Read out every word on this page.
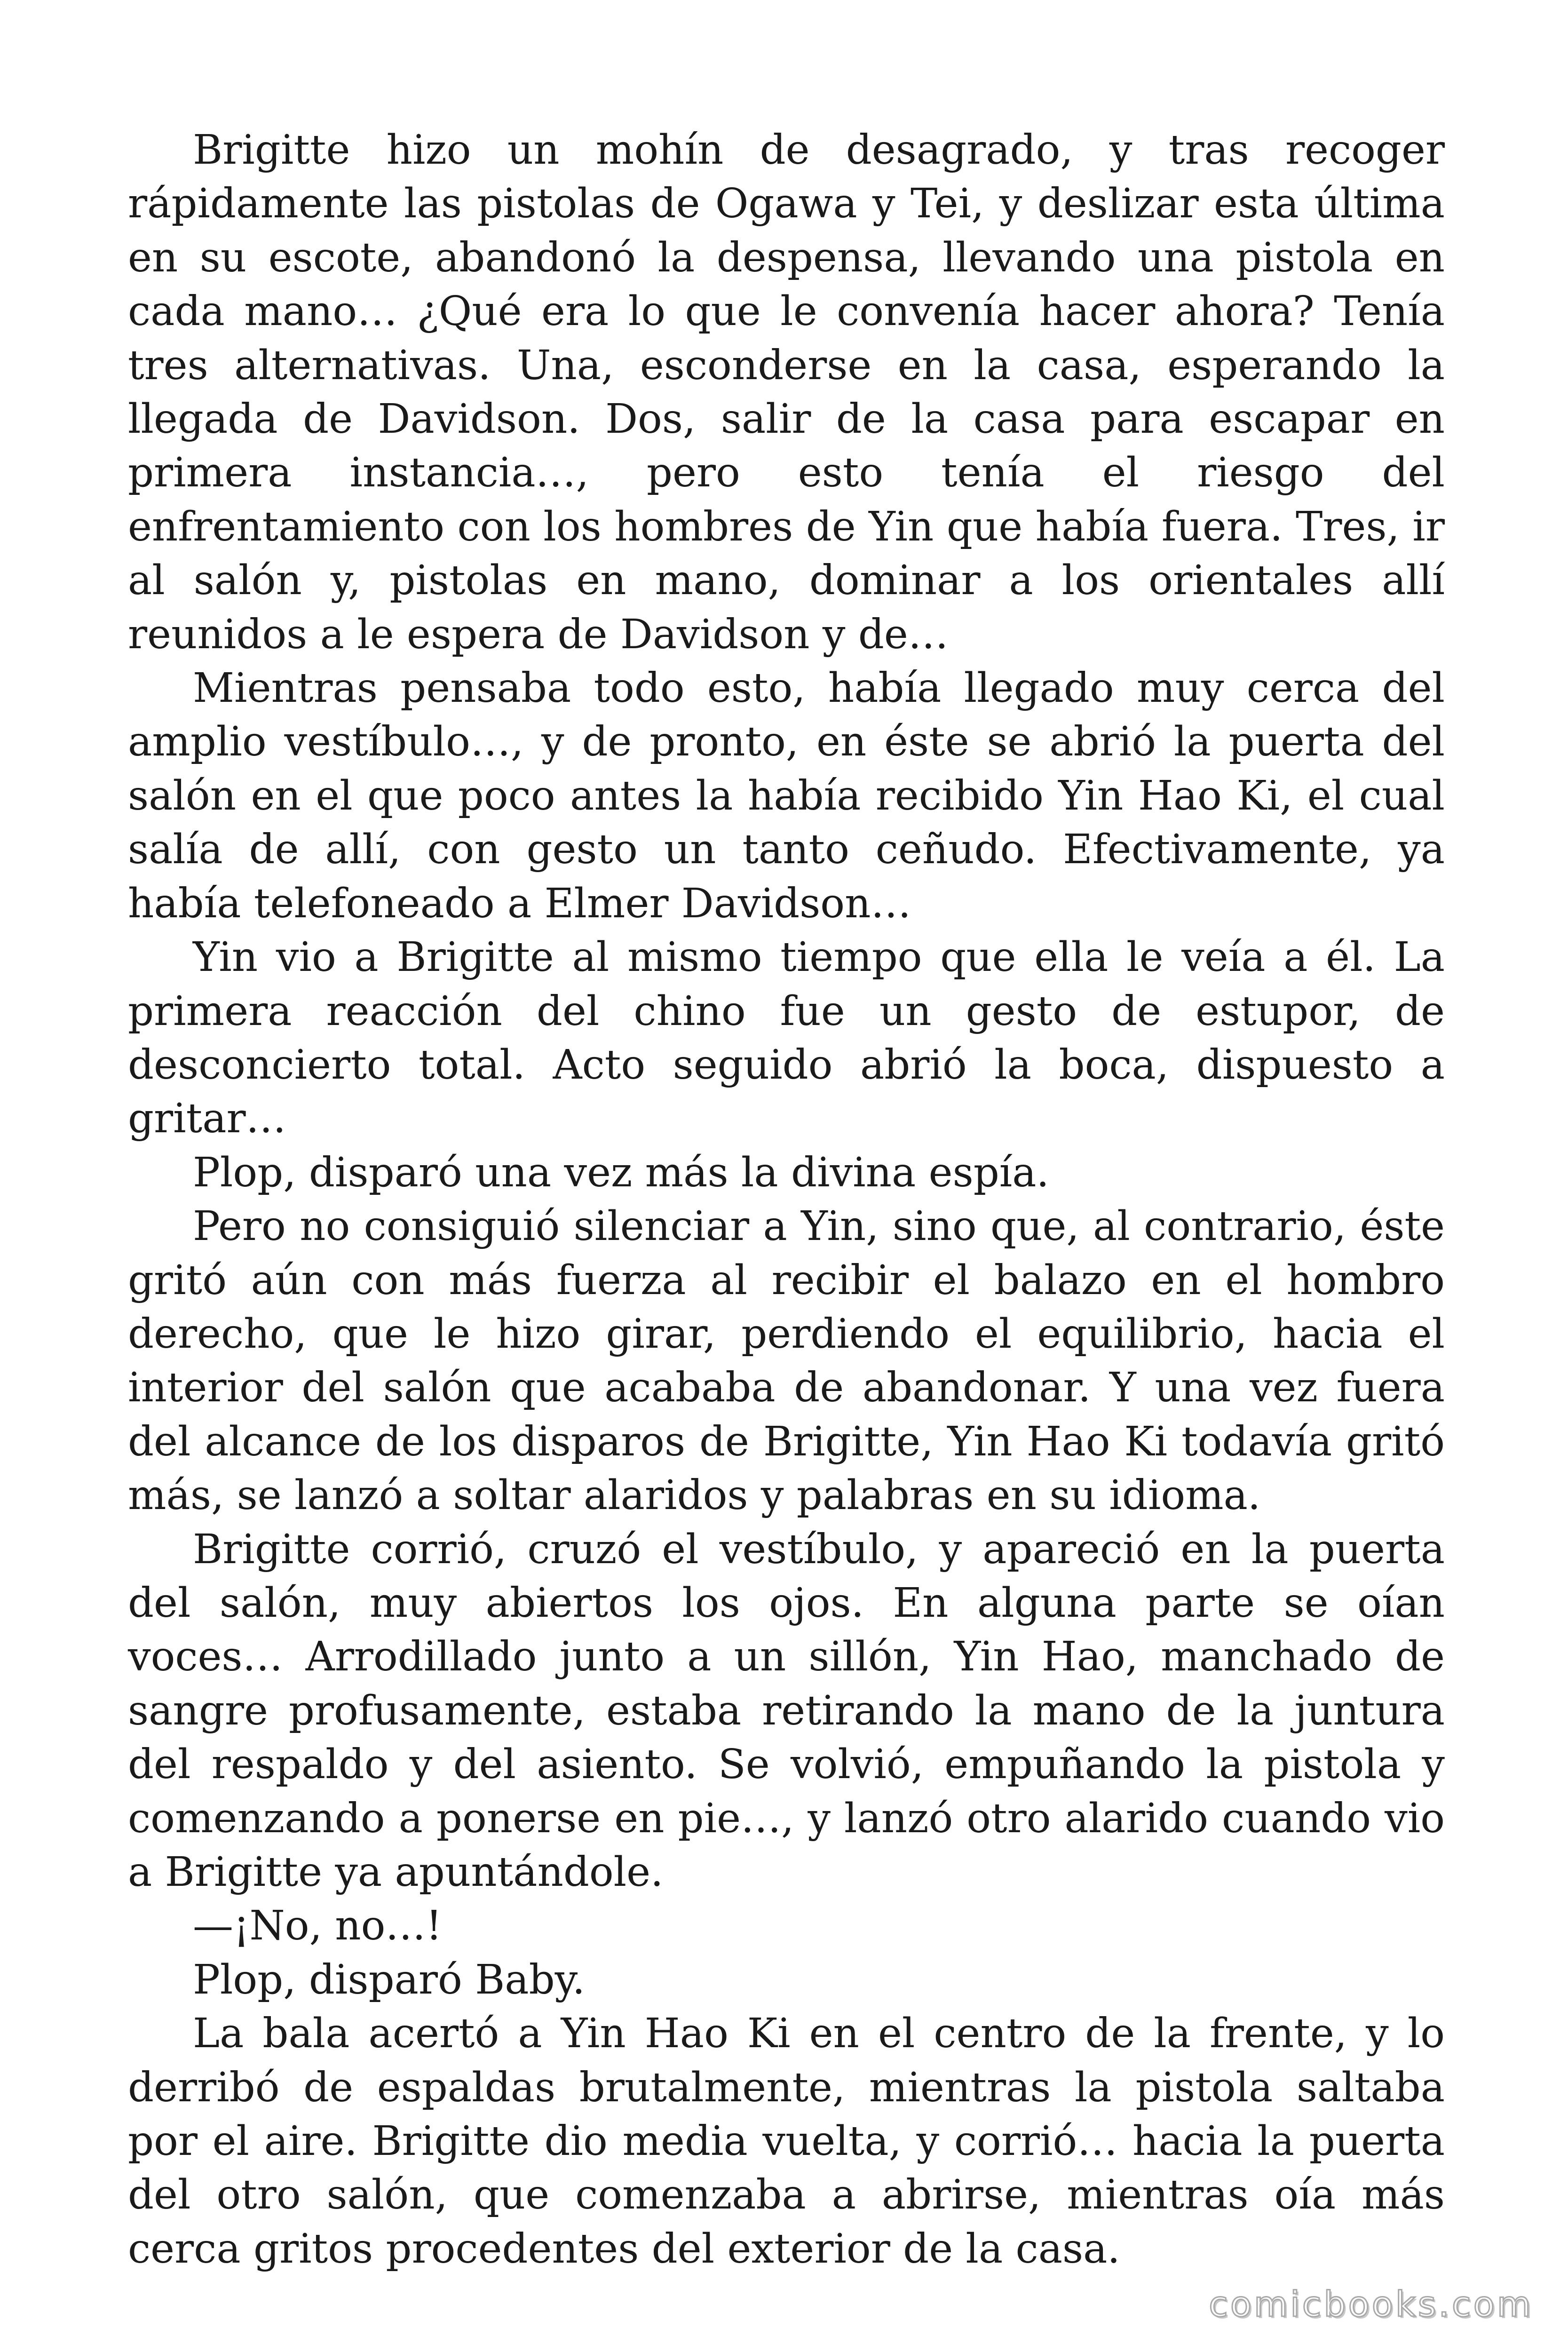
Brigitte hizo un mohín de desagrado, y tras recoger rápidamente las pistolas de Ogawa y Tei, y deslizar esta última en su escote, abandonó la despensa, llevando una pistola en cada mano… ¿Qué era lo que le convenía hacer ahora? Tenía tres alternativas. Una, esconderse en la casa, esperando la llegada de Davidson. Dos, salir de la casa para escapar en primera instancia…, pero esto tenía el riesgo del enfrentamiento con los hombres de Yin que había fuera. Tres, ir al salón y, pistolas en mano, dominar a los orientales allí reunidos a le espera de Davidson y de…

Mientras pensaba todo esto, había llegado muy cerca del amplio vestíbulo…, y de pronto, en éste se abrió la puerta del salón en el que poco antes la había recibido Yin Hao Ki, el cual salía de allí, con gesto un tanto ceñudo. Efectivamente, ya había telefoneado a Elmer Davidson…

Yin vio a Brigitte al mismo tiempo que ella le veía a él. La primera reacción del chino fue un gesto de estupor, de desconcierto total. Acto seguido abrió la boca, dispuesto a gritar…

Plop, disparó una vez más la divina espía.

Pero no consiguió silenciar a Yin, sino que, al contrario, éste gritó aún con más fuerza al recibir el balazo en el hombro derecho, que le hizo girar, perdiendo el equilibrio, hacia el interior del salón que acababa de abandonar. Y una vez fuera del alcance de los disparos de Brigitte, Yin Hao Ki todavía gritó más, se lanzó a soltar alaridos y palabras en su idioma.

Brigitte corrió, cruzó el vestíbulo, y apareció en la puerta del salón, muy abiertos los ojos. En alguna parte se oían voces… Arrodillado junto a un sillón, Yin Hao, manchado de sangre profusamente, estaba retirando la mano de la juntura del respaldo y del asiento. Se volvió, empuñando la pistola y comenzando a ponerse en pie…, y lanzó otro alarido cuando vio a Brigitte ya apuntándole.

—¡No, no…!

Plop, disparó Baby.

La bala acertó a Yin Hao Ki en el centro de la frente, y lo derribó de espaldas brutalmente, mientras la pistola saltaba por el aire. Brigitte dio media vuelta, y corrió… hacia la puerta del otro salón, que comenzaba a abrirse, mientras oía más cerca gritos procedentes del exterior de la casa.

comicbooks.com
